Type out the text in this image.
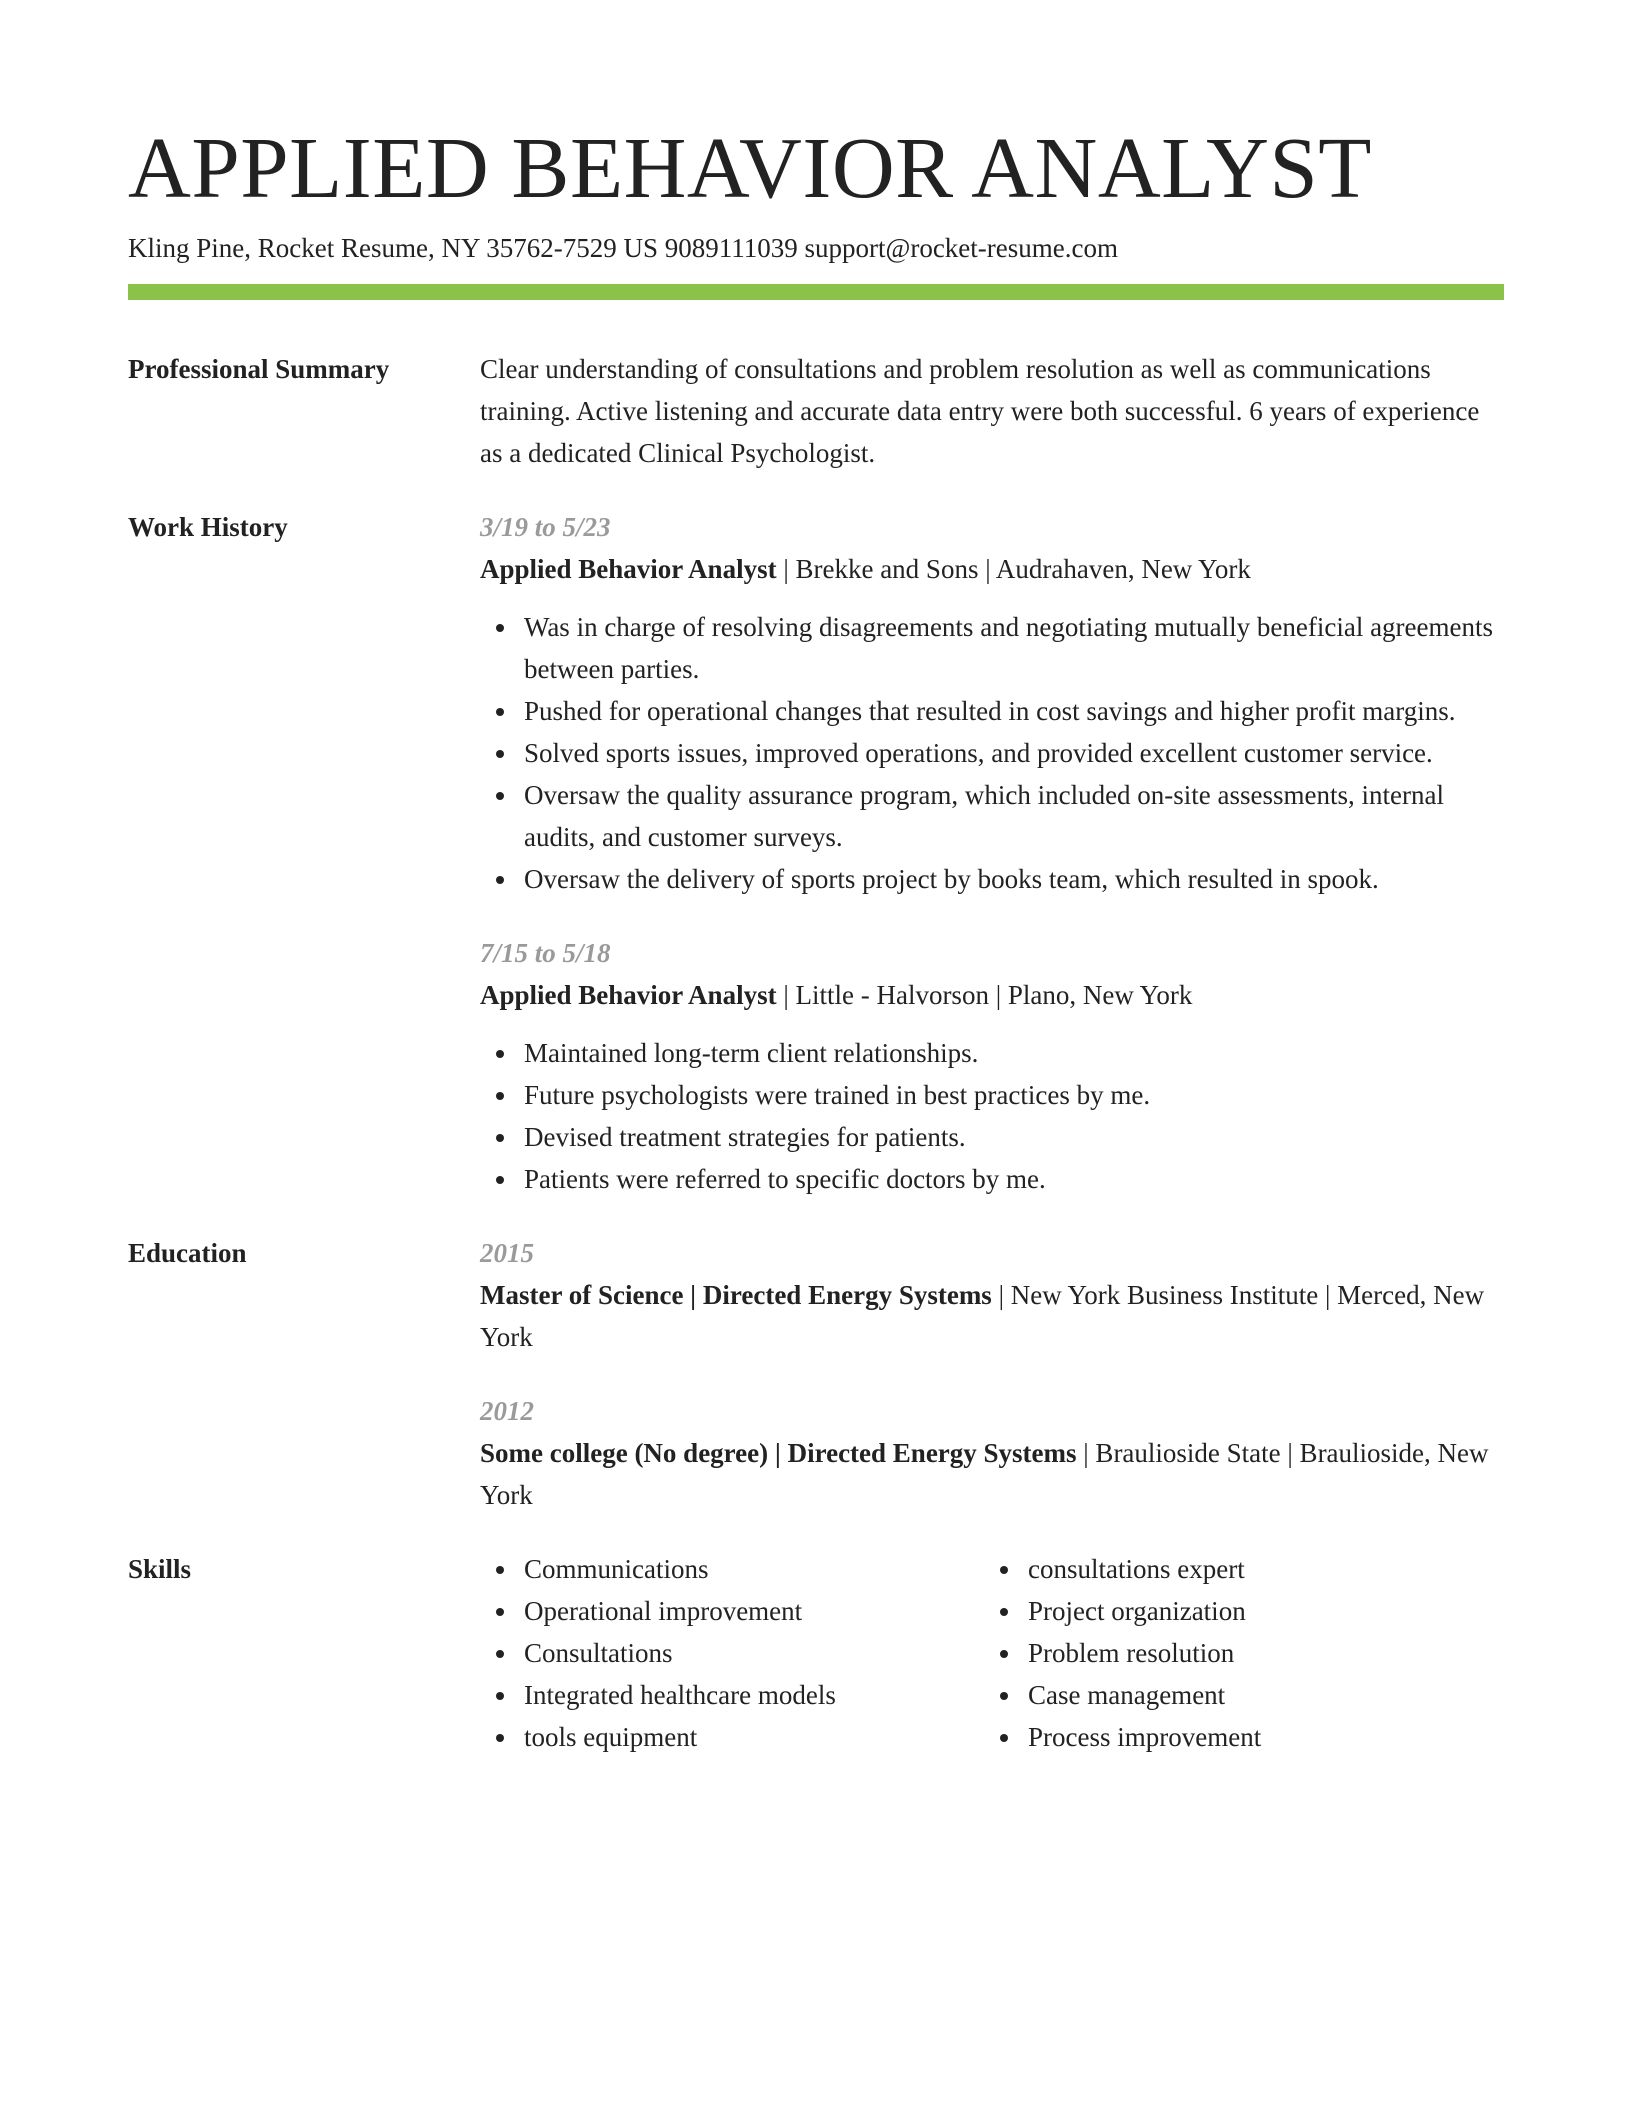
APPLIED BEHAVIOR ANALYST
Kling Pine, Rocket Resume, NY 35762-7529 US 9089111039 support@rocket-resume.com
Professional Summary	Clear understanding of consultations and problem resolution as well as communications training. Active listening and accurate data entry were both successful. 6 years of experience as a dedicated Clinical Psychologist.
Work History	3/19 to 5/23
Applied Behavior Analyst | Brekke and Sons | Audrahaven, New York
Was in charge of resolving disagreements and negotiating mutually beneficial agreements between parties.
Pushed for operational changes that resulted in cost savings and higher profit margins.
Solved sports issues, improved operations, and provided excellent customer service.
Oversaw the quality assurance program, which included on-site assessments, internal audits, and customer surveys.
Oversaw the delivery of sports project by books team, which resulted in spook.
7/15 to 5/18
Applied Behavior Analyst | Little - Halvorson | Plano, New York
Maintained long-term client relationships.
Future psychologists were trained in best practices by me.
Devised treatment strategies for patients.
Patients were referred to specific doctors by me.
Education	2015
Master of Science | Directed Energy Systems | New York Business Institute | Merced, New York
2012
Some college (No degree) | Directed Energy Systems | Braulioside State | Braulioside, New York
Skills	Communications
Operational improvement
Consultations
Integrated healthcare models
tools equipment
consultations expert
Project organization
Problem resolution
Case management
Process improvement
